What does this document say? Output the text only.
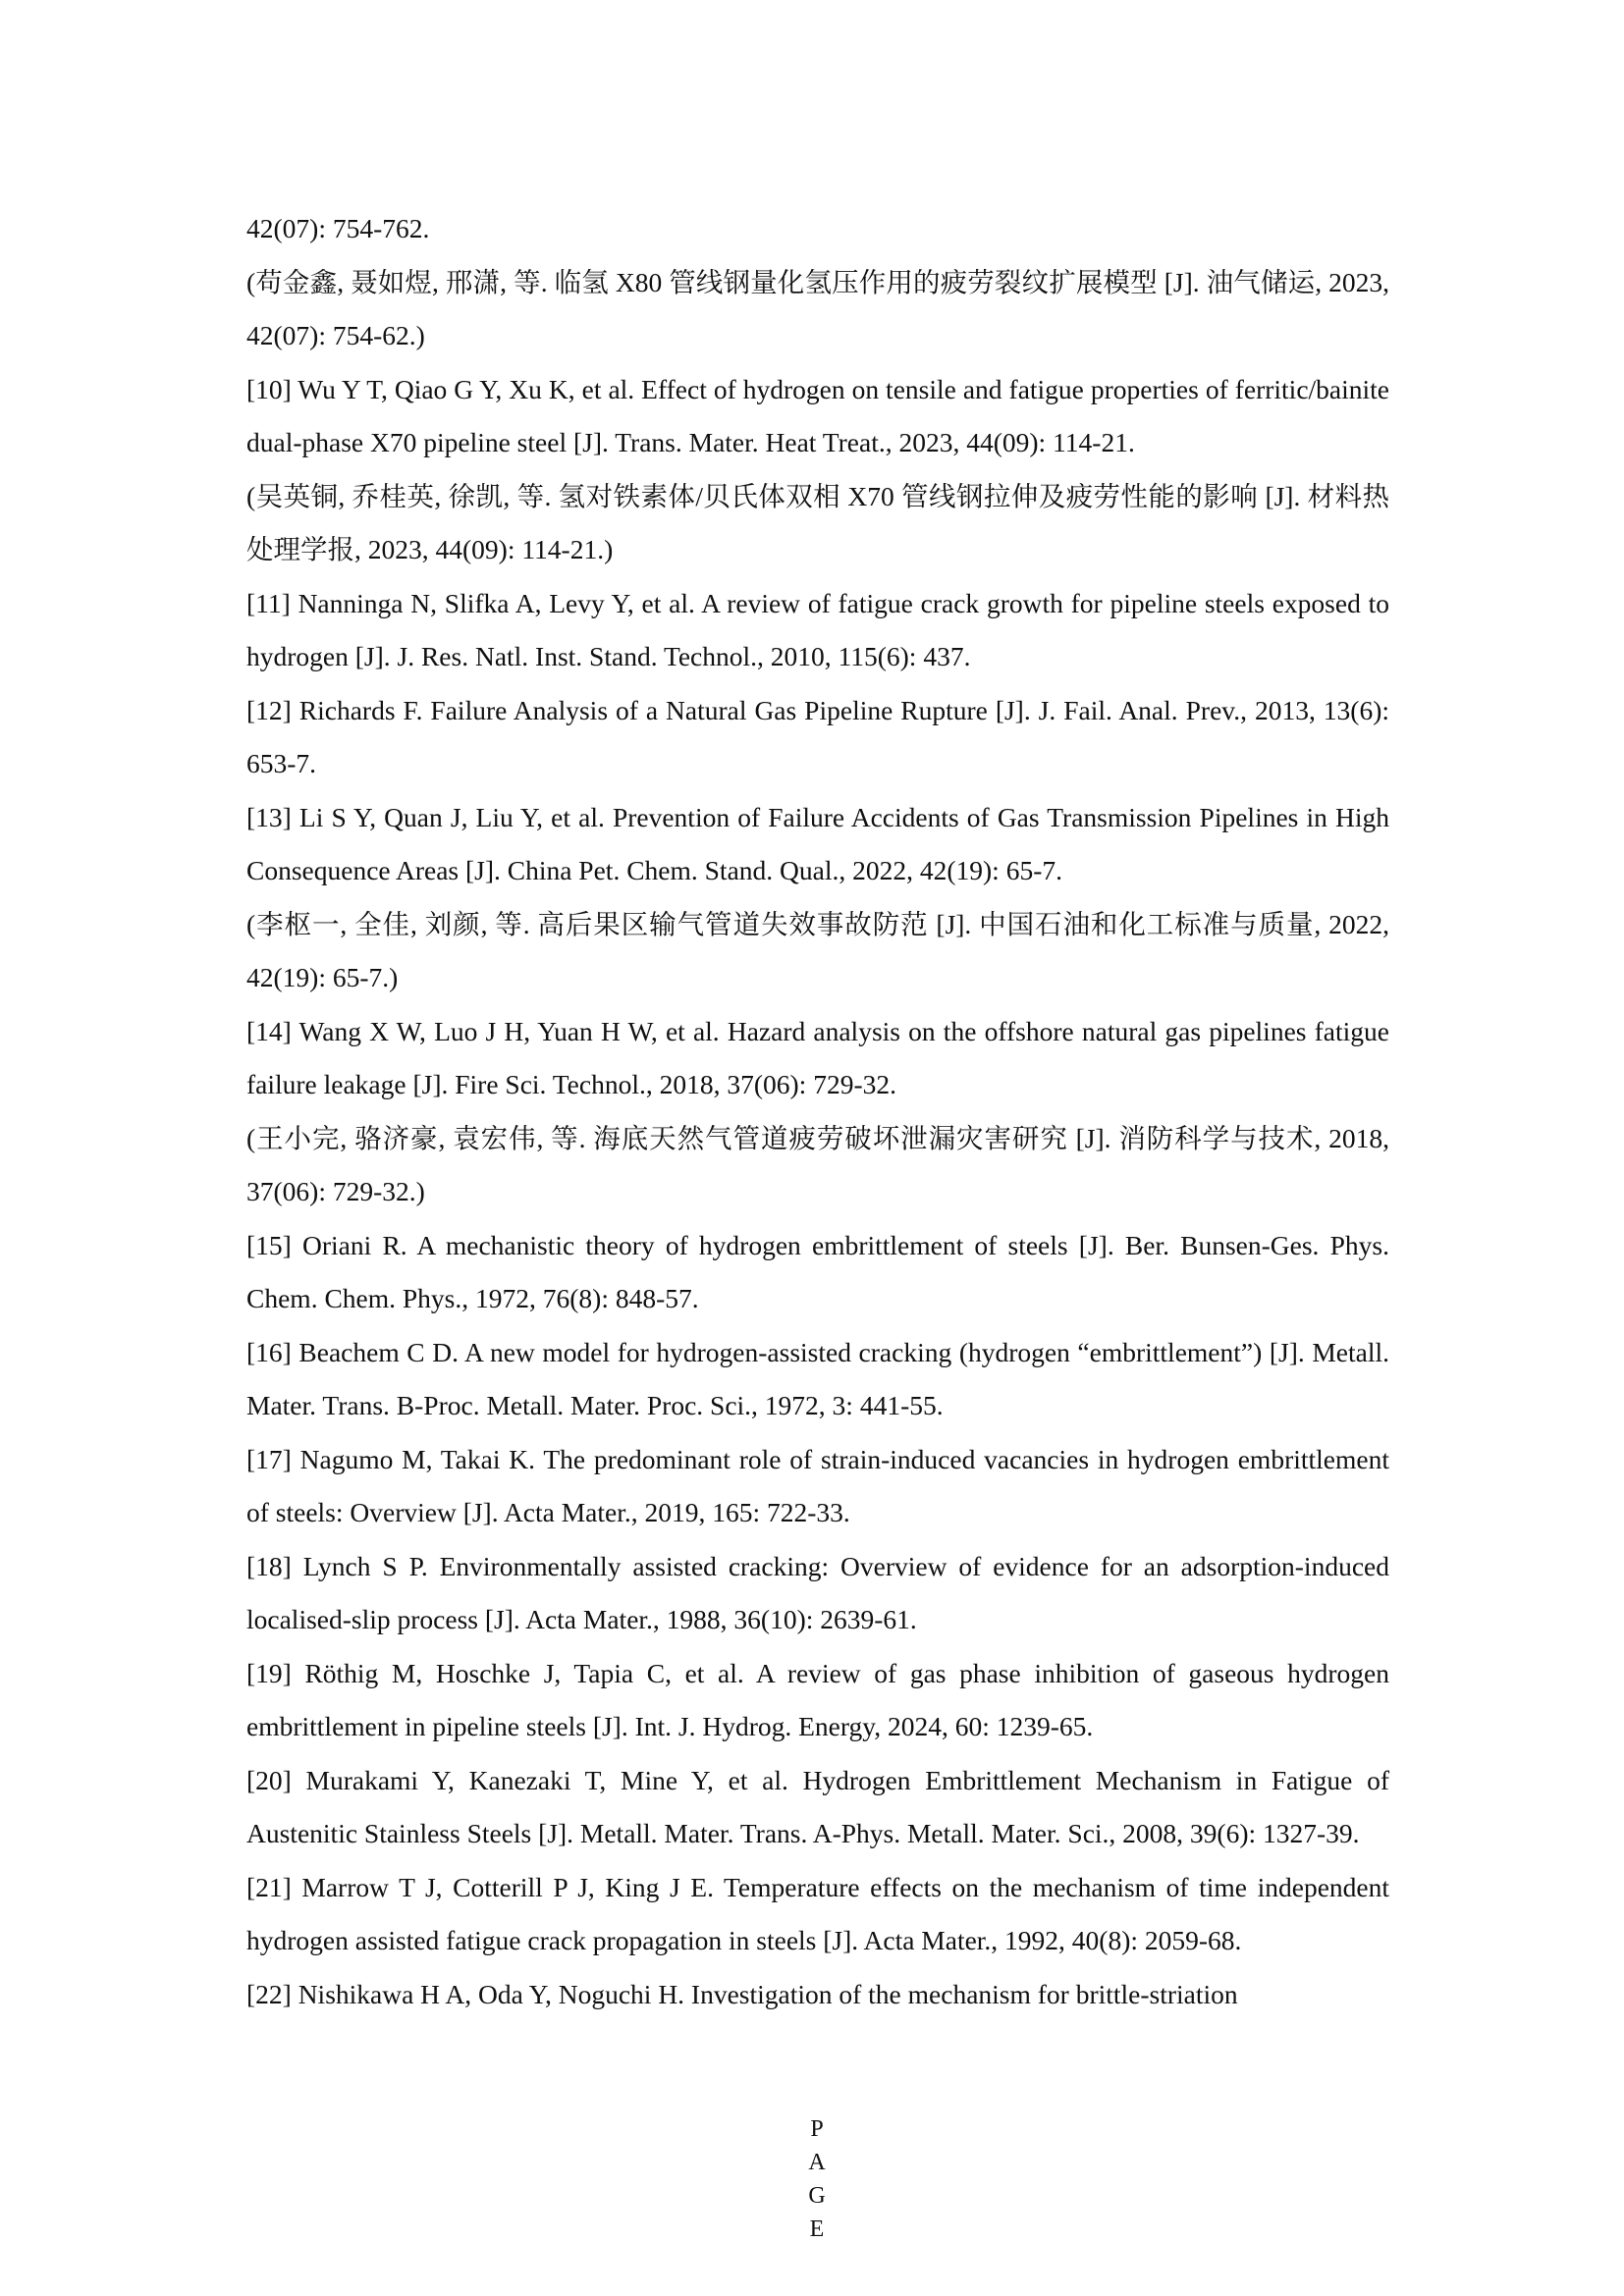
42(07): 754-762.

(苟金鑫, 聂如煜, 邢潇, 等. 临氢 X80 管线钢量化氢压作用的疲劳裂纹扩展模型 [J]. 油气储运, 2023, 42(07): 754-62.)

[10] Wu Y T, Qiao G Y, Xu K, et al. Effect of hydrogen on tensile and fatigue properties of ferritic/bainite dual-phase X70 pipeline steel [J]. Trans. Mater. Heat Treat., 2023, 44(09): 114-21.

(吴英铜, 乔桂英, 徐凯, 等. 氢对铁素体/贝氏体双相 X70 管线钢拉伸及疲劳性能的影响 [J]. 材料热处理学报, 2023, 44(09): 114-21.)

[11] Nanninga N, Slifka A, Levy Y, et al. A review of fatigue crack growth for pipeline steels exposed to hydrogen [J]. J. Res. Natl. Inst. Stand. Technol., 2010, 115(6): 437.

[12] Richards F. Failure Analysis of a Natural Gas Pipeline Rupture [J]. J. Fail. Anal. Prev., 2013, 13(6): 653-7.

[13] Li S Y, Quan J, Liu Y, et al. Prevention of Failure Accidents of Gas Transmission Pipelines in High Consequence Areas [J]. China Pet. Chem. Stand. Qual., 2022, 42(19): 65-7.

(李枢一, 全佳, 刘颜, 等. 高后果区输气管道失效事故防范 [J]. 中国石油和化工标准与质量, 2022, 42(19): 65-7.)

[14] Wang X W, Luo J H, Yuan H W, et al. Hazard analysis on the offshore natural gas pipelines fatigue failure leakage [J]. Fire Sci. Technol., 2018, 37(06): 729-32.

(王小完, 骆济豪, 袁宏伟, 等. 海底天然气管道疲劳破坏泄漏灾害研究 [J]. 消防科学与技术, 2018, 37(06): 729-32.)

[15] Oriani R. A mechanistic theory of hydrogen embrittlement of steels [J]. Ber. Bunsen-Ges. Phys. Chem. Chem. Phys., 1972, 76(8): 848-57.

[16] Beachem C D. A new model for hydrogen-assisted cracking (hydrogen “embrittlement”) [J]. Metall. Mater. Trans. B-Proc. Metall. Mater. Proc. Sci., 1972, 3: 441-55.

[17] Nagumo M, Takai K. The predominant role of strain-induced vacancies in hydrogen embrittlement of steels: Overview [J]. Acta Mater., 2019, 165: 722-33.

[18] Lynch S P. Environmentally assisted cracking: Overview of evidence for an adsorption-induced localised-slip process [J]. Acta Mater., 1988, 36(10): 2639-61.

[19] Röthig M, Hoschke J, Tapia C, et al. A review of gas phase inhibition of gaseous hydrogen embrittlement in pipeline steels [J]. Int. J. Hydrog. Energy, 2024, 60: 1239-65.

[20] Murakami Y, Kanezaki T, Mine Y, et al. Hydrogen Embrittlement Mechanism in Fatigue of Austenitic Stainless Steels [J]. Metall. Mater. Trans. A-Phys. Metall. Mater. Sci., 2008, 39(6): 1327-39.

[21] Marrow T J, Cotterill P J, King J E. Temperature effects on the mechanism of time independent hydrogen assisted fatigue crack propagation in steels [J]. Acta Mater., 1992, 40(8): 2059-68.

[22] Nishikawa H A, Oda Y, Noguchi H. Investigation of the mechanism for brittle-striation

P
A
G
E
